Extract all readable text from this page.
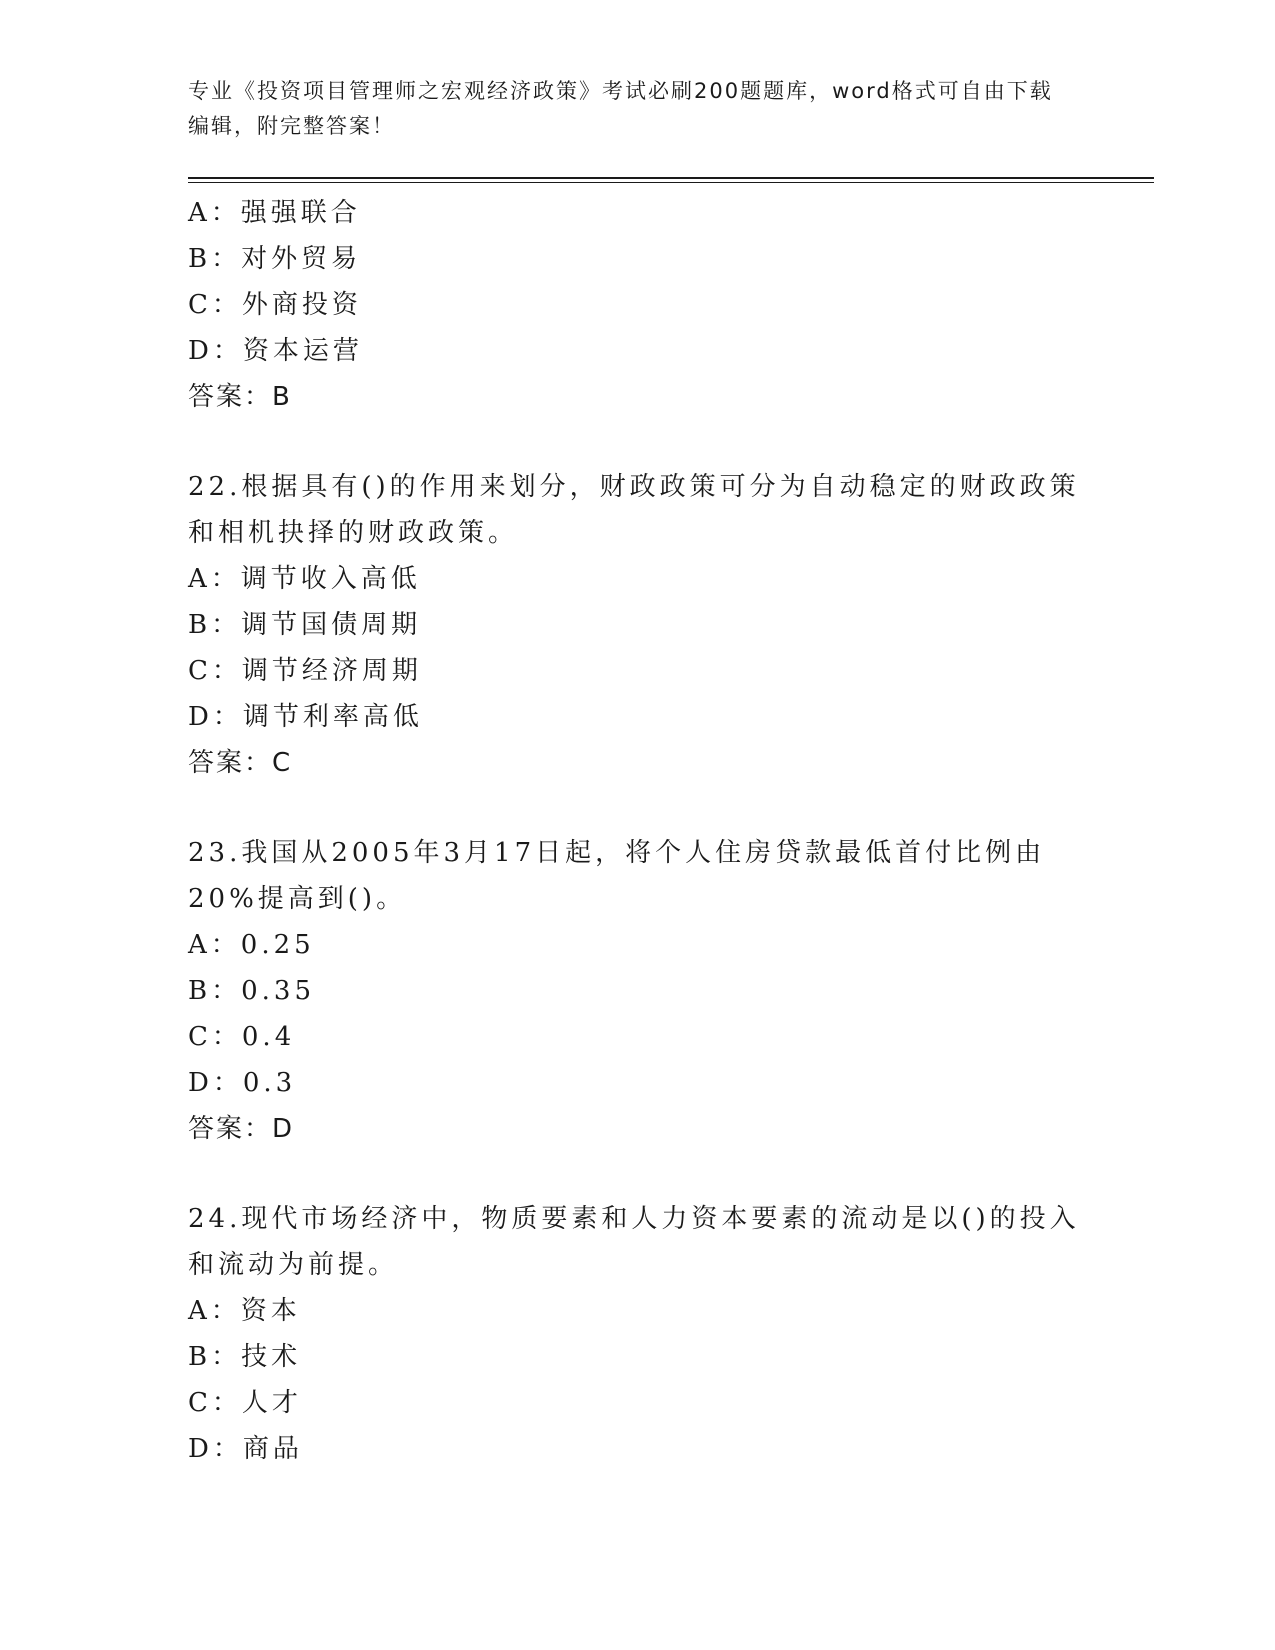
专业《投资项目管理师之宏观经济政策》考试必刷200题题库，word格式可自由下载编辑，附完整答案！

A：强强联合

B：对外贸易

C：外商投资

D：资本运营

答案：B

22.根据具有()的作用来划分，财政政策可分为自动稳定的财政政策和相机抉择的财政政策。

A：调节收入高低

B：调节国债周期

C：调节经济周期

D：调节利率高低

答案：C

23.我国从2005年3月17日起，将个人住房贷款最低首付比例由20%提高到()。

A：0.25

B：0.35

C：0.4

D：0.3

答案：D

24.现代市场经济中，物质要素和人力资本要素的流动是以()的投入和流动为前提。

A：资本

B：技术

C：人才

D：商品
